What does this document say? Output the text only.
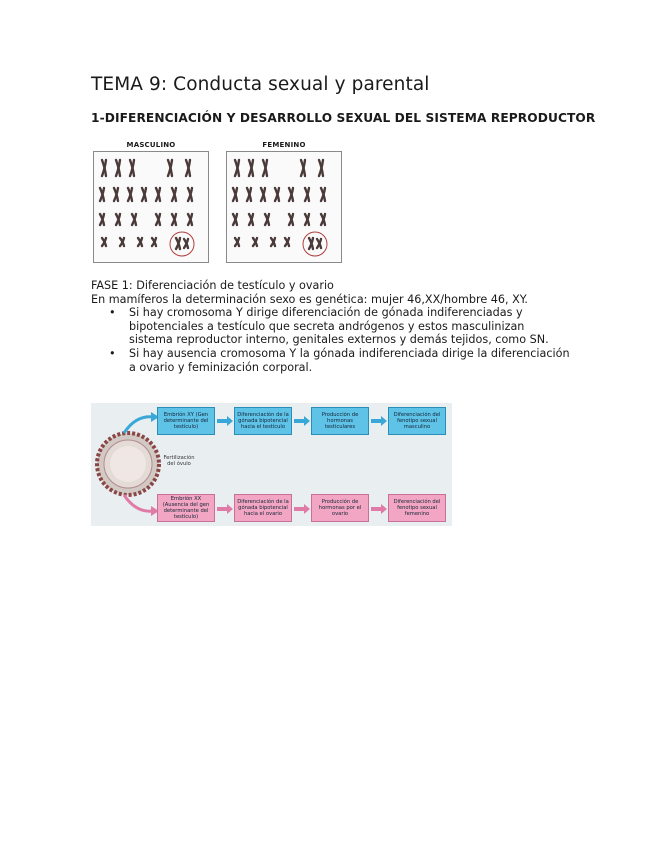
TEMA 9: Conducta sexual y parental
1-DIFERENCIACIÓN Y DESARROLLO SEXUAL DEL SISTEMA REPRODUCTOR
MASCULINO	FEMENINO

FASE 1: Diferenciación de testículo y ovario

En mamíferos la determinación sexo es genética: mujer 46,XX/hombre 46, XY.

• Si hay cromosoma Y dirige diferenciación de gónada indiferenciadas y bipotenciales a testículo que secreta andrógenos y estos masculinizan sistema reproductor interno, genitales externos y demás tejidos, como SN.
• Si hay ausencia cromosoma Y la gónada indiferenciada dirige la diferenciación a ovario y feminización corporal.
Fertilización del óvulo
Embrión XY (Gen determinante del testículo)
Diferenciación de la gónada bipotencial hacia el testículo
Producción de hormonas testiculares
Diferenciación del fenotipo sexual masculino
Embrión XX (Ausencia del gen determinante del testículo)
Diferenciación de la gónada bipotencial hacia el ovario
Producción de hormonas por el ovario
Diferenciación del fenotipo sexual femenino
